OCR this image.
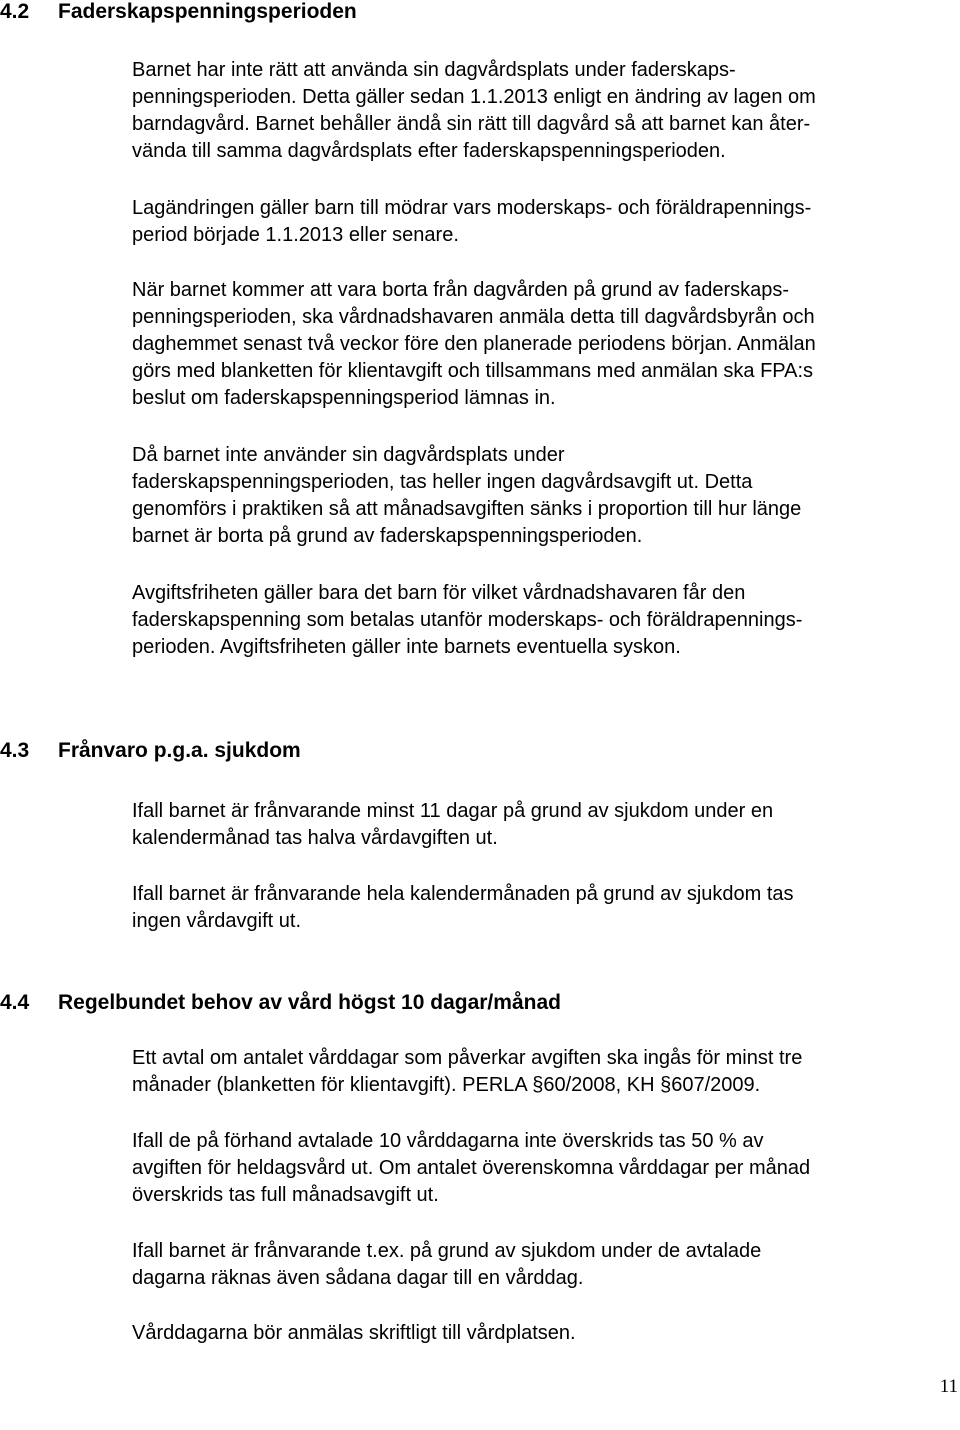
4.2 Faderskapspenningsperioden

Barnet har inte rätt att använda sin dagvårdsplats under faderskaps-
penningsperioden. Detta gäller sedan 1.1.2013 enligt en ändring av lagen om
barndagvård. Barnet behåller ändå sin rätt till dagvård så att barnet kan åter-
vända till samma dagvårdsplats efter faderskapspenningsperioden.

Lagändringen gäller barn till mödrar vars moderskaps- och föräldrapennings-
period började 1.1.2013 eller senare.

När barnet kommer att vara borta från dagvården på grund av faderskaps-
penningsperioden, ska vårdnadshavaren anmäla detta till dagvårdsbyrån och
daghemmet senast två veckor före den planerade periodens början. Anmälan
görs med blanketten för klientavgift och tillsammans med anmälan ska FPA:s
beslut om faderskapspenningsperiod lämnas in.

Då barnet inte använder sin dagvårdsplats under
faderskapspenningsperioden, tas heller ingen dagvårdsavgift ut. Detta
genomförs i praktiken så att månadsavgiften sänks i proportion till hur länge
barnet är borta på grund av faderskapspenningsperioden.

Avgiftsfriheten gäller bara det barn för vilket vårdnadshavaren får den
faderskapspenning som betalas utanför moderskaps- och föräldrapennings-
perioden. Avgiftsfriheten gäller inte barnets eventuella syskon.

4.3 Frånvaro p.g.a. sjukdom

Ifall barnet är frånvarande minst 11 dagar på grund av sjukdom under en
kalendermånad tas halva vårdavgiften ut.

Ifall barnet är frånvarande hela kalendermånaden på grund av sjukdom tas
ingen vårdavgift ut.

4.4 Regelbundet behov av vård högst 10 dagar/månad

Ett avtal om antalet vårddagar som påverkar avgiften ska ingås för minst tre
månader (blanketten för klientavgift). PERLA §60/2008, KH §607/2009.

Ifall de på förhand avtalade 10 vårddagarna inte överskrids tas 50 % av
avgiften för heldagsvård ut. Om antalet överenskomna vårddagar per månad
överskrids tas full månadsavgift ut.

Ifall barnet är frånvarande t.ex. på grund av sjukdom under de avtalade
dagarna räknas även sådana dagar till en vårddag.

Vårddagarna bör anmälas skriftligt till vårdplatsen.

11
